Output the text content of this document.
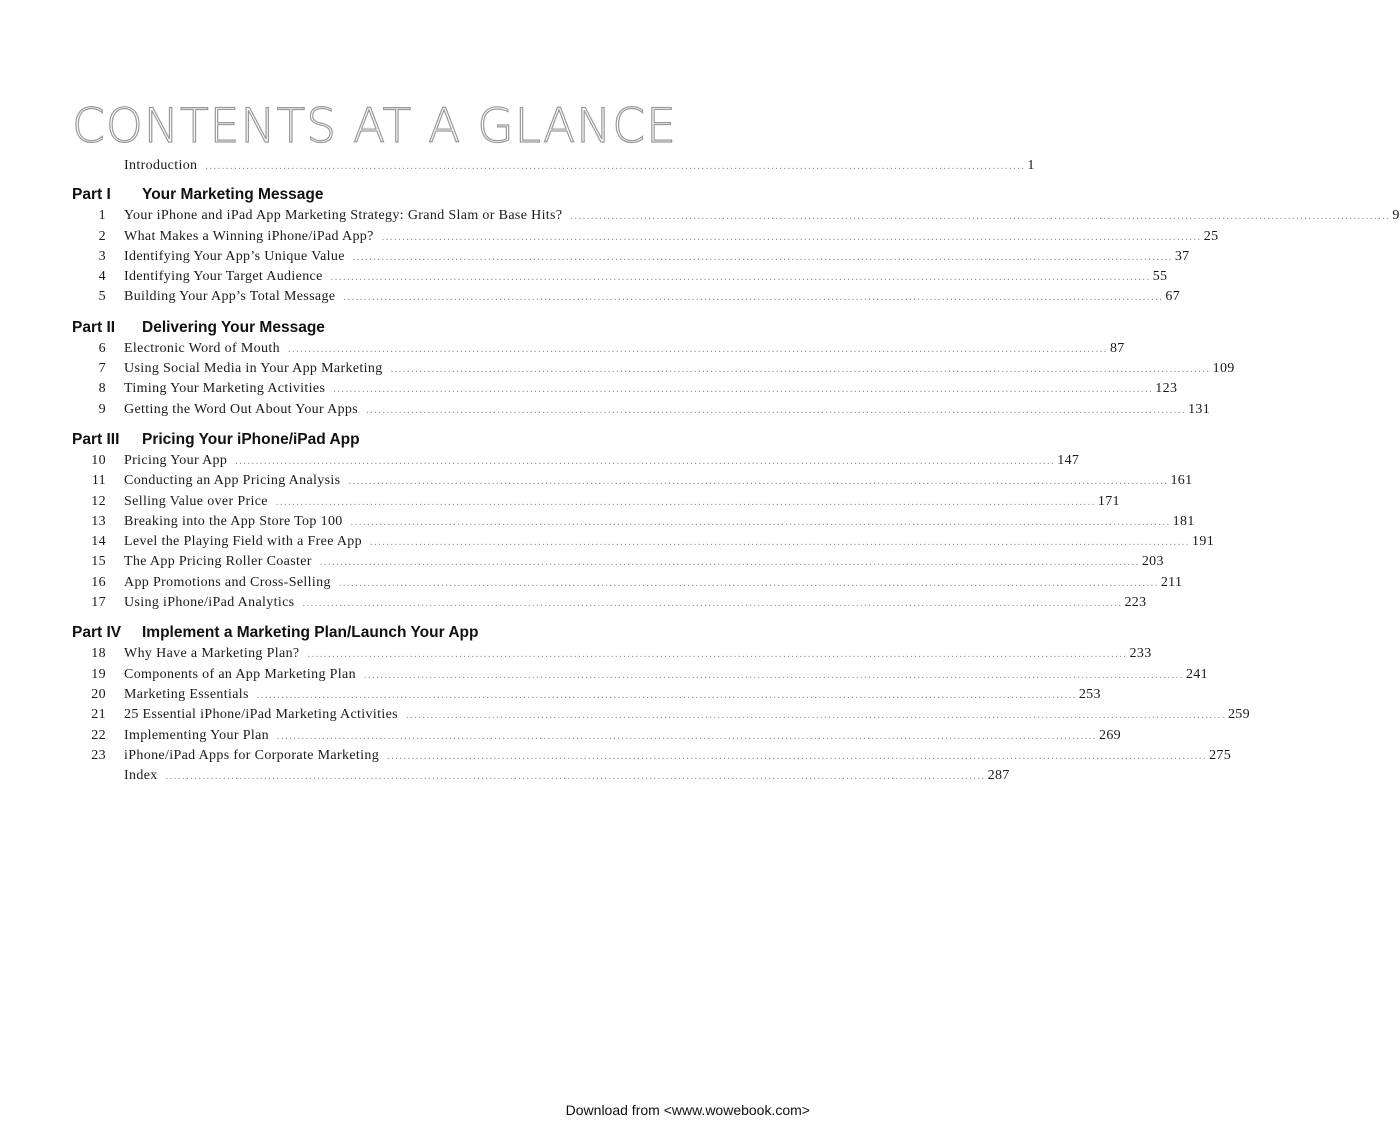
CONTENTS AT A GLANCE
Introduction ........................................................................................................................................................................................................ 1
Part I	Your Marketing Message
1	Your iPhone and iPad App Marketing Strategy: Grand Slam or Base Hits? ........................................................................................................................................................................................................ 9
2	What Makes a Winning iPhone/iPad App? ........................................................................................................................................................................................................ 25
3	Identifying Your App’s Unique Value ........................................................................................................................................................................................................ 37
4	Identifying Your Target Audience ........................................................................................................................................................................................................ 55
5	Building Your App’s Total Message ........................................................................................................................................................................................................ 67
Part II	Delivering Your Message
6	Electronic Word of Mouth ........................................................................................................................................................................................................ 87
7	Using Social Media in Your App Marketing ........................................................................................................................................................................................................ 109
8	Timing Your Marketing Activities ........................................................................................................................................................................................................ 123
9	Getting the Word Out About Your Apps ........................................................................................................................................................................................................ 131
Part III	Pricing Your iPhone/iPad App
10	Pricing Your App ........................................................................................................................................................................................................ 147
11	Conducting an App Pricing Analysis ........................................................................................................................................................................................................ 161
12	Selling Value over Price ........................................................................................................................................................................................................ 171
13	Breaking into the App Store Top 100 ........................................................................................................................................................................................................ 181
14	Level the Playing Field with a Free App ........................................................................................................................................................................................................ 191
15	The App Pricing Roller Coaster ........................................................................................................................................................................................................ 203
16	App Promotions and Cross-Selling ........................................................................................................................................................................................................ 211
17	Using iPhone/iPad Analytics ........................................................................................................................................................................................................ 223
Part IV	Implement a Marketing Plan/Launch Your App
18	Why Have a Marketing Plan? ........................................................................................................................................................................................................ 233
19	Components of an App Marketing Plan ........................................................................................................................................................................................................ 241
20	Marketing Essentials ........................................................................................................................................................................................................ 253
21	25 Essential iPhone/iPad Marketing Activities ........................................................................................................................................................................................................ 259
22	Implementing Your Plan ........................................................................................................................................................................................................ 269
23	iPhone/iPad Apps for Corporate Marketing ........................................................................................................................................................................................................ 275
Index ........................................................................................................................................................................................................ 287
Download from <www.wowebook.com>
